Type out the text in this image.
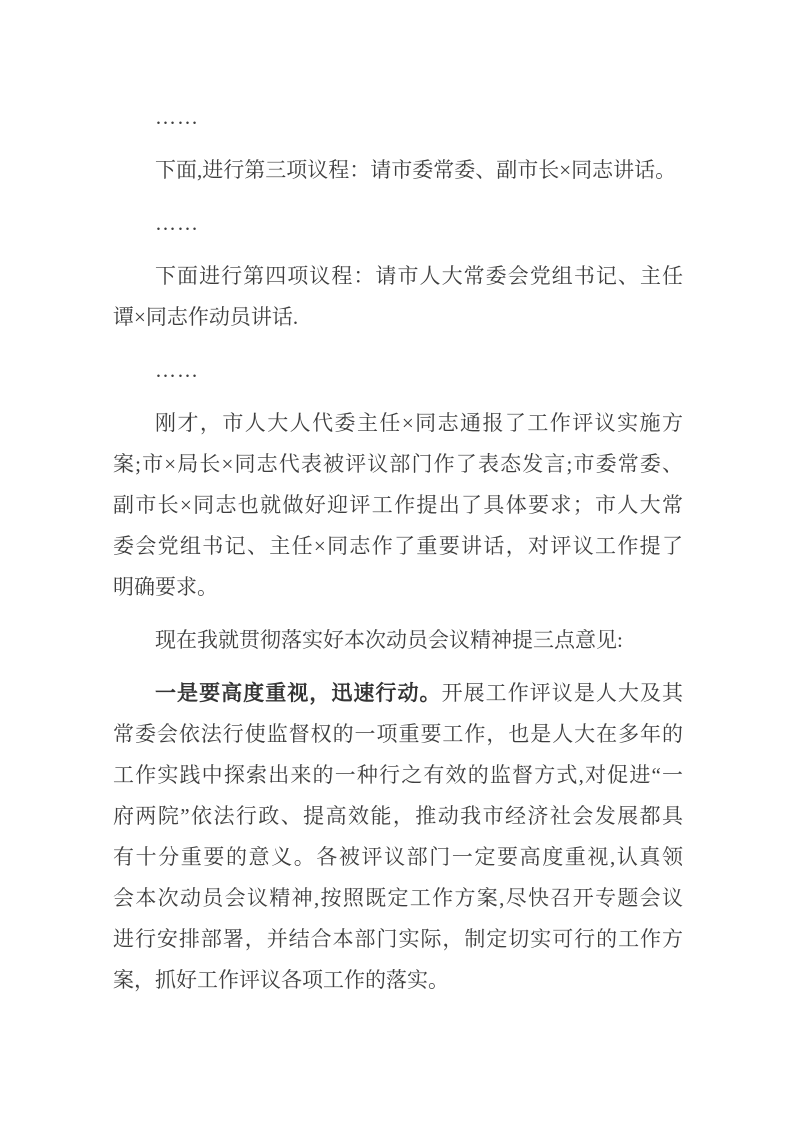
……
下面,进行第三项议程：请市委常委、副市长×同志讲话。
……
下面进行第四项议程：请市人大常委会党组书记、主任
谭×同志作动员讲话.
……
刚才，市人大人代委主任×同志通报了工作评议实施方
案;市×局长×同志代表被评议部门作了表态发言;市委常委、
副市长×同志也就做好迎评工作提出了具体要求；市人大常
委会党组书记、主任×同志作了重要讲话，对评议工作提了
明确要求。
现在我就贯彻落实好本次动员会议精神提三点意见:
一是要高度重视，迅速行动。开展工作评议是人大及其
常委会依法行使监督权的一项重要工作，也是人大在多年的
工作实践中探索出来的一种行之有效的监督方式,对促进“一
府两院”依法行政、提高效能，推动我市经济社会发展都具
有十分重要的意义。各被评议部门一定要高度重视,认真领
会本次动员会议精神,按照既定工作方案,尽快召开专题会议
进行安排部署，并结合本部门实际，制定切实可行的工作方
案，抓好工作评议各项工作的落实。
